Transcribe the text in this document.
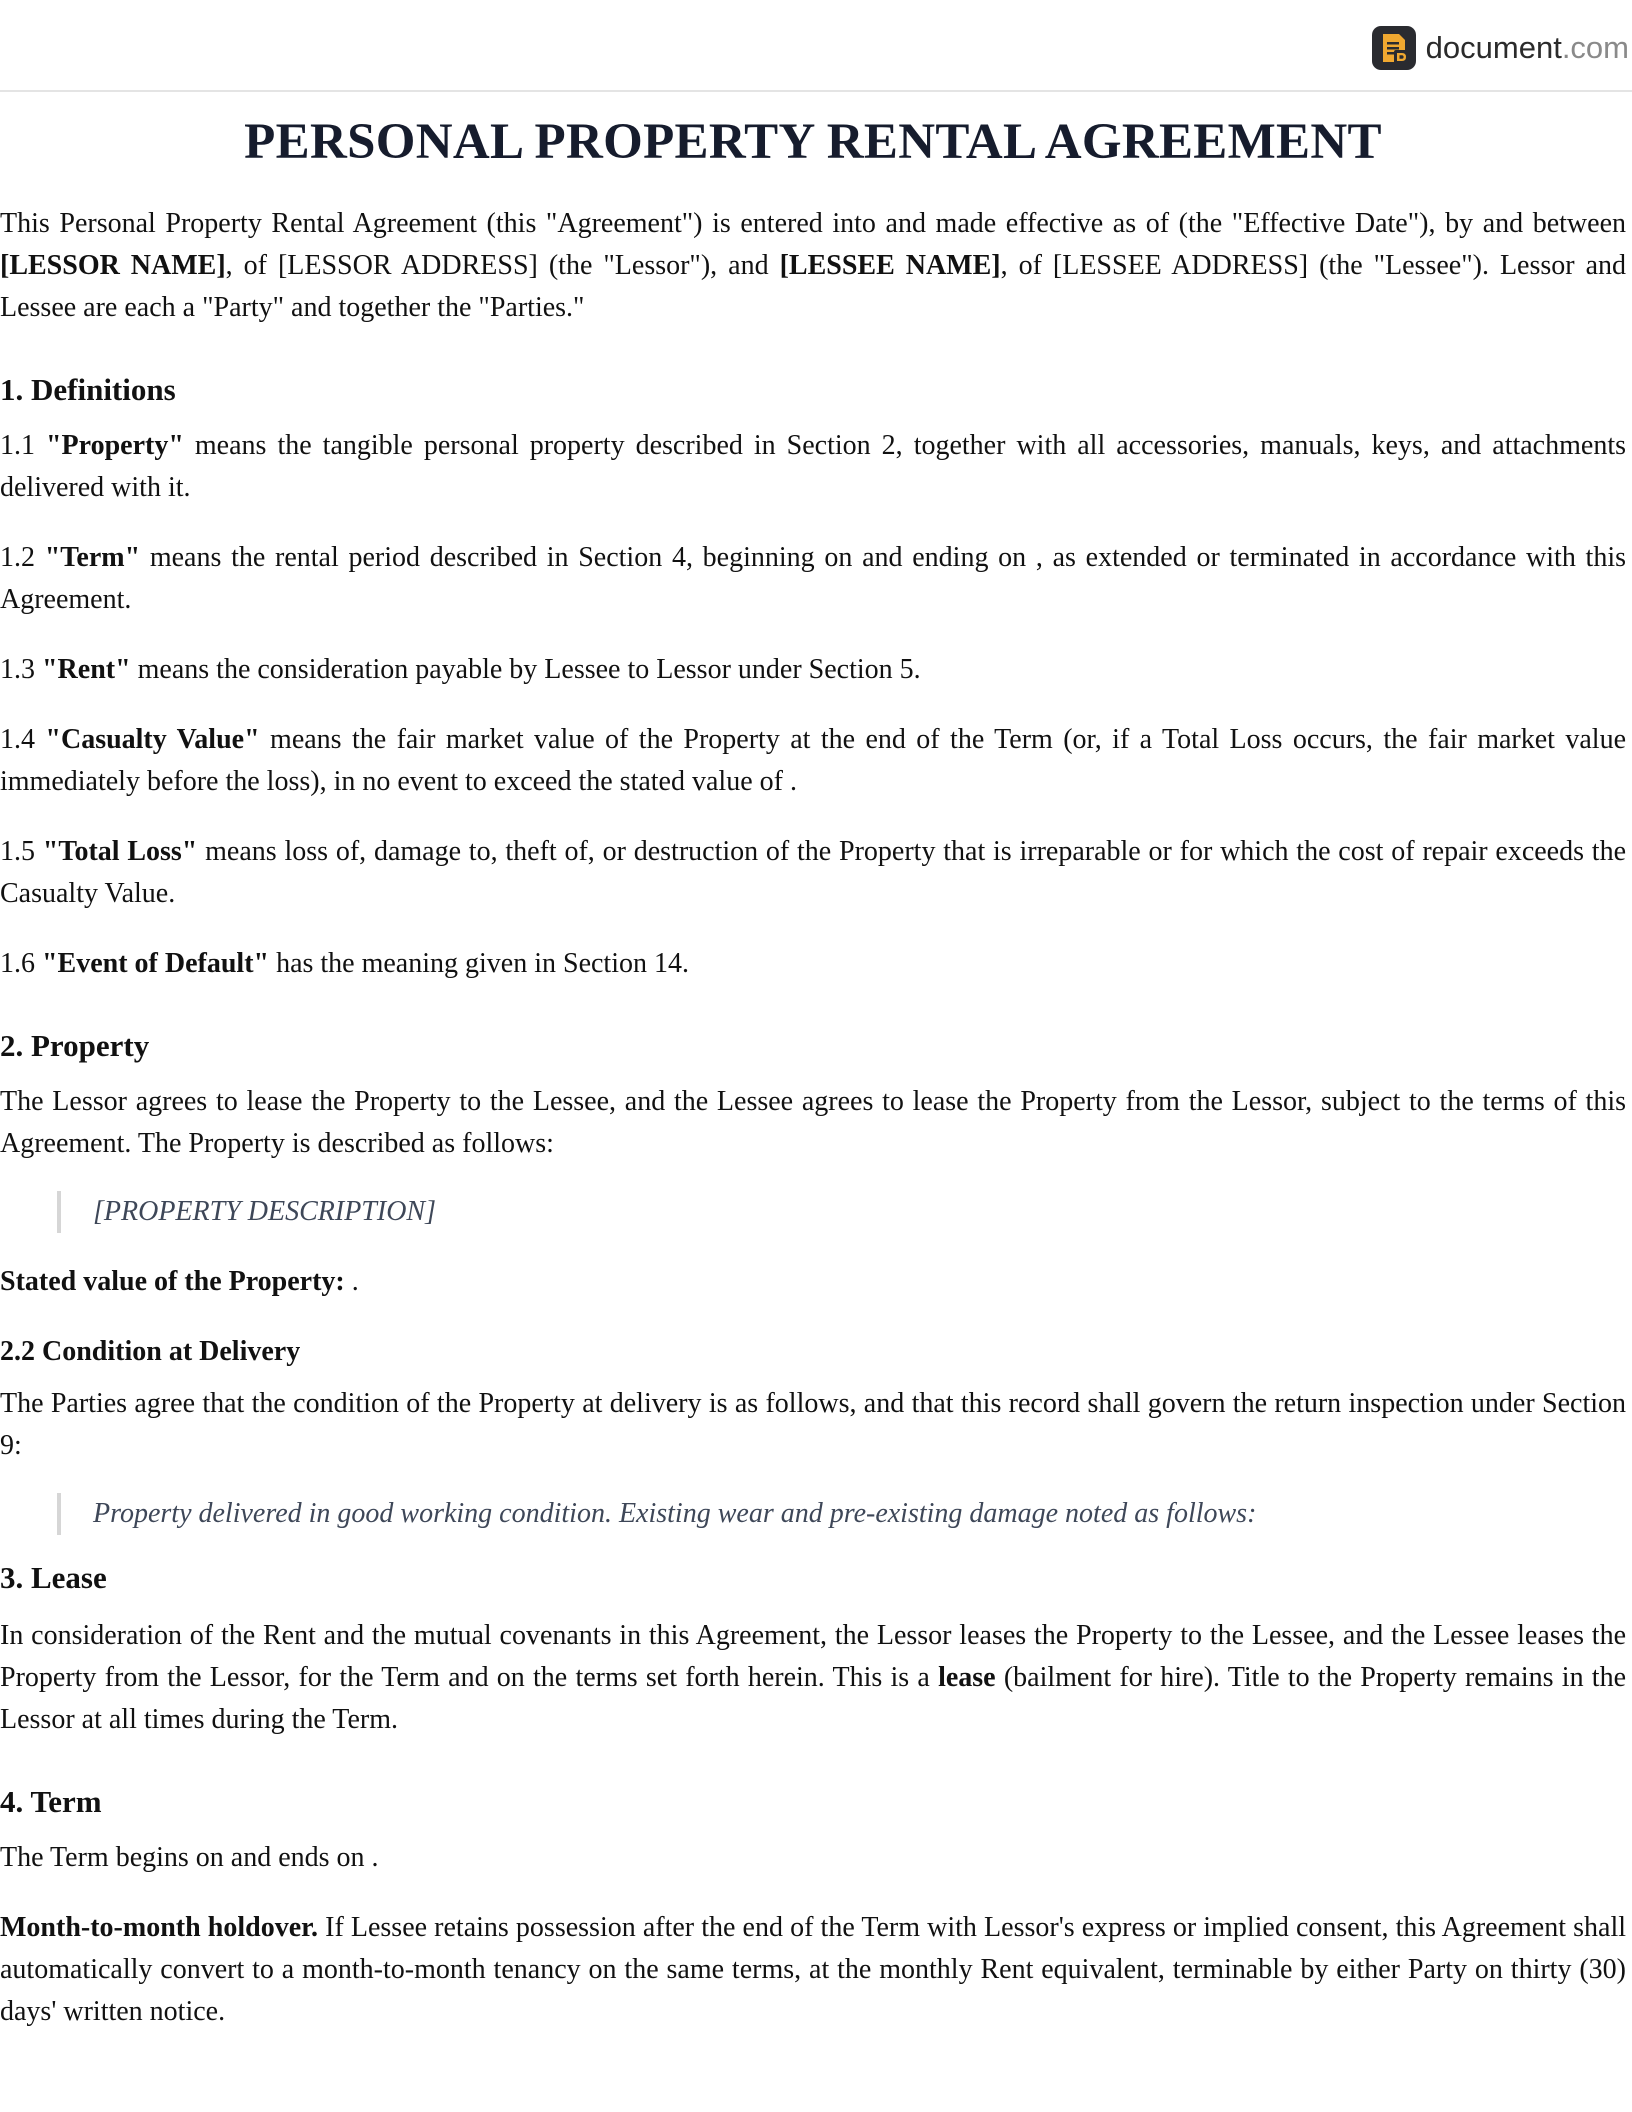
document.com
PERSONAL PROPERTY RENTAL AGREEMENT

This Personal Property Rental Agreement (this "Agreement") is entered into and made effective as of (the "Effective Date"), by and between [LESSOR NAME], of [LESSOR ADDRESS] (the "Lessor"), and [LESSEE NAME], of [LESSEE ADDRESS] (the "Lessee"). Lessor and Lessee are each a "Party" and together the "Parties."

1. Definitions

1.1 "Property" means the tangible personal property described in Section 2, together with all accessories, manuals, keys, and attachments delivered with it.

1.2 "Term" means the rental period described in Section 4, beginning on and ending on , as extended or terminated in accordance with this Agreement.

1.3 "Rent" means the consideration payable by Lessee to Lessor under Section 5.

1.4 "Casualty Value" means the fair market value of the Property at the end of the Term (or, if a Total Loss occurs, the fair market value immediately before the loss), in no event to exceed the stated value of .

1.5 "Total Loss" means loss of, damage to, theft of, or destruction of the Property that is irreparable or for which the cost of repair exceeds the Casualty Value.

1.6 "Event of Default" has the meaning given in Section 14.

2. Property

The Lessor agrees to lease the Property to the Lessee, and the Lessee agrees to lease the Property from the Lessor, subject to the terms of this Agreement. The Property is described as follows:

[PROPERTY DESCRIPTION]

Stated value of the Property: .

2.2 Condition at Delivery

The Parties agree that the condition of the Property at delivery is as follows, and that this record shall govern the return inspection under Section 9:

Property delivered in good working condition. Existing wear and pre-existing damage noted as follows:
3. Lease

In consideration of the Rent and the mutual covenants in this Agreement, the Lessor leases the Property to the Lessee, and the Lessee leases the Property from the Lessor, for the Term and on the terms set forth herein. This is a lease (bailment for hire). Title to the Property remains in the Lessor at all times during the Term.

4. Term

The Term begins on and ends on .

Month-to-month holdover. If Lessee retains possession after the end of the Term with Lessor's express or implied consent, this Agreement shall automatically convert to a month-to-month tenancy on the same terms, at the monthly Rent equivalent, terminable by either Party on thirty (30) days' written notice.
